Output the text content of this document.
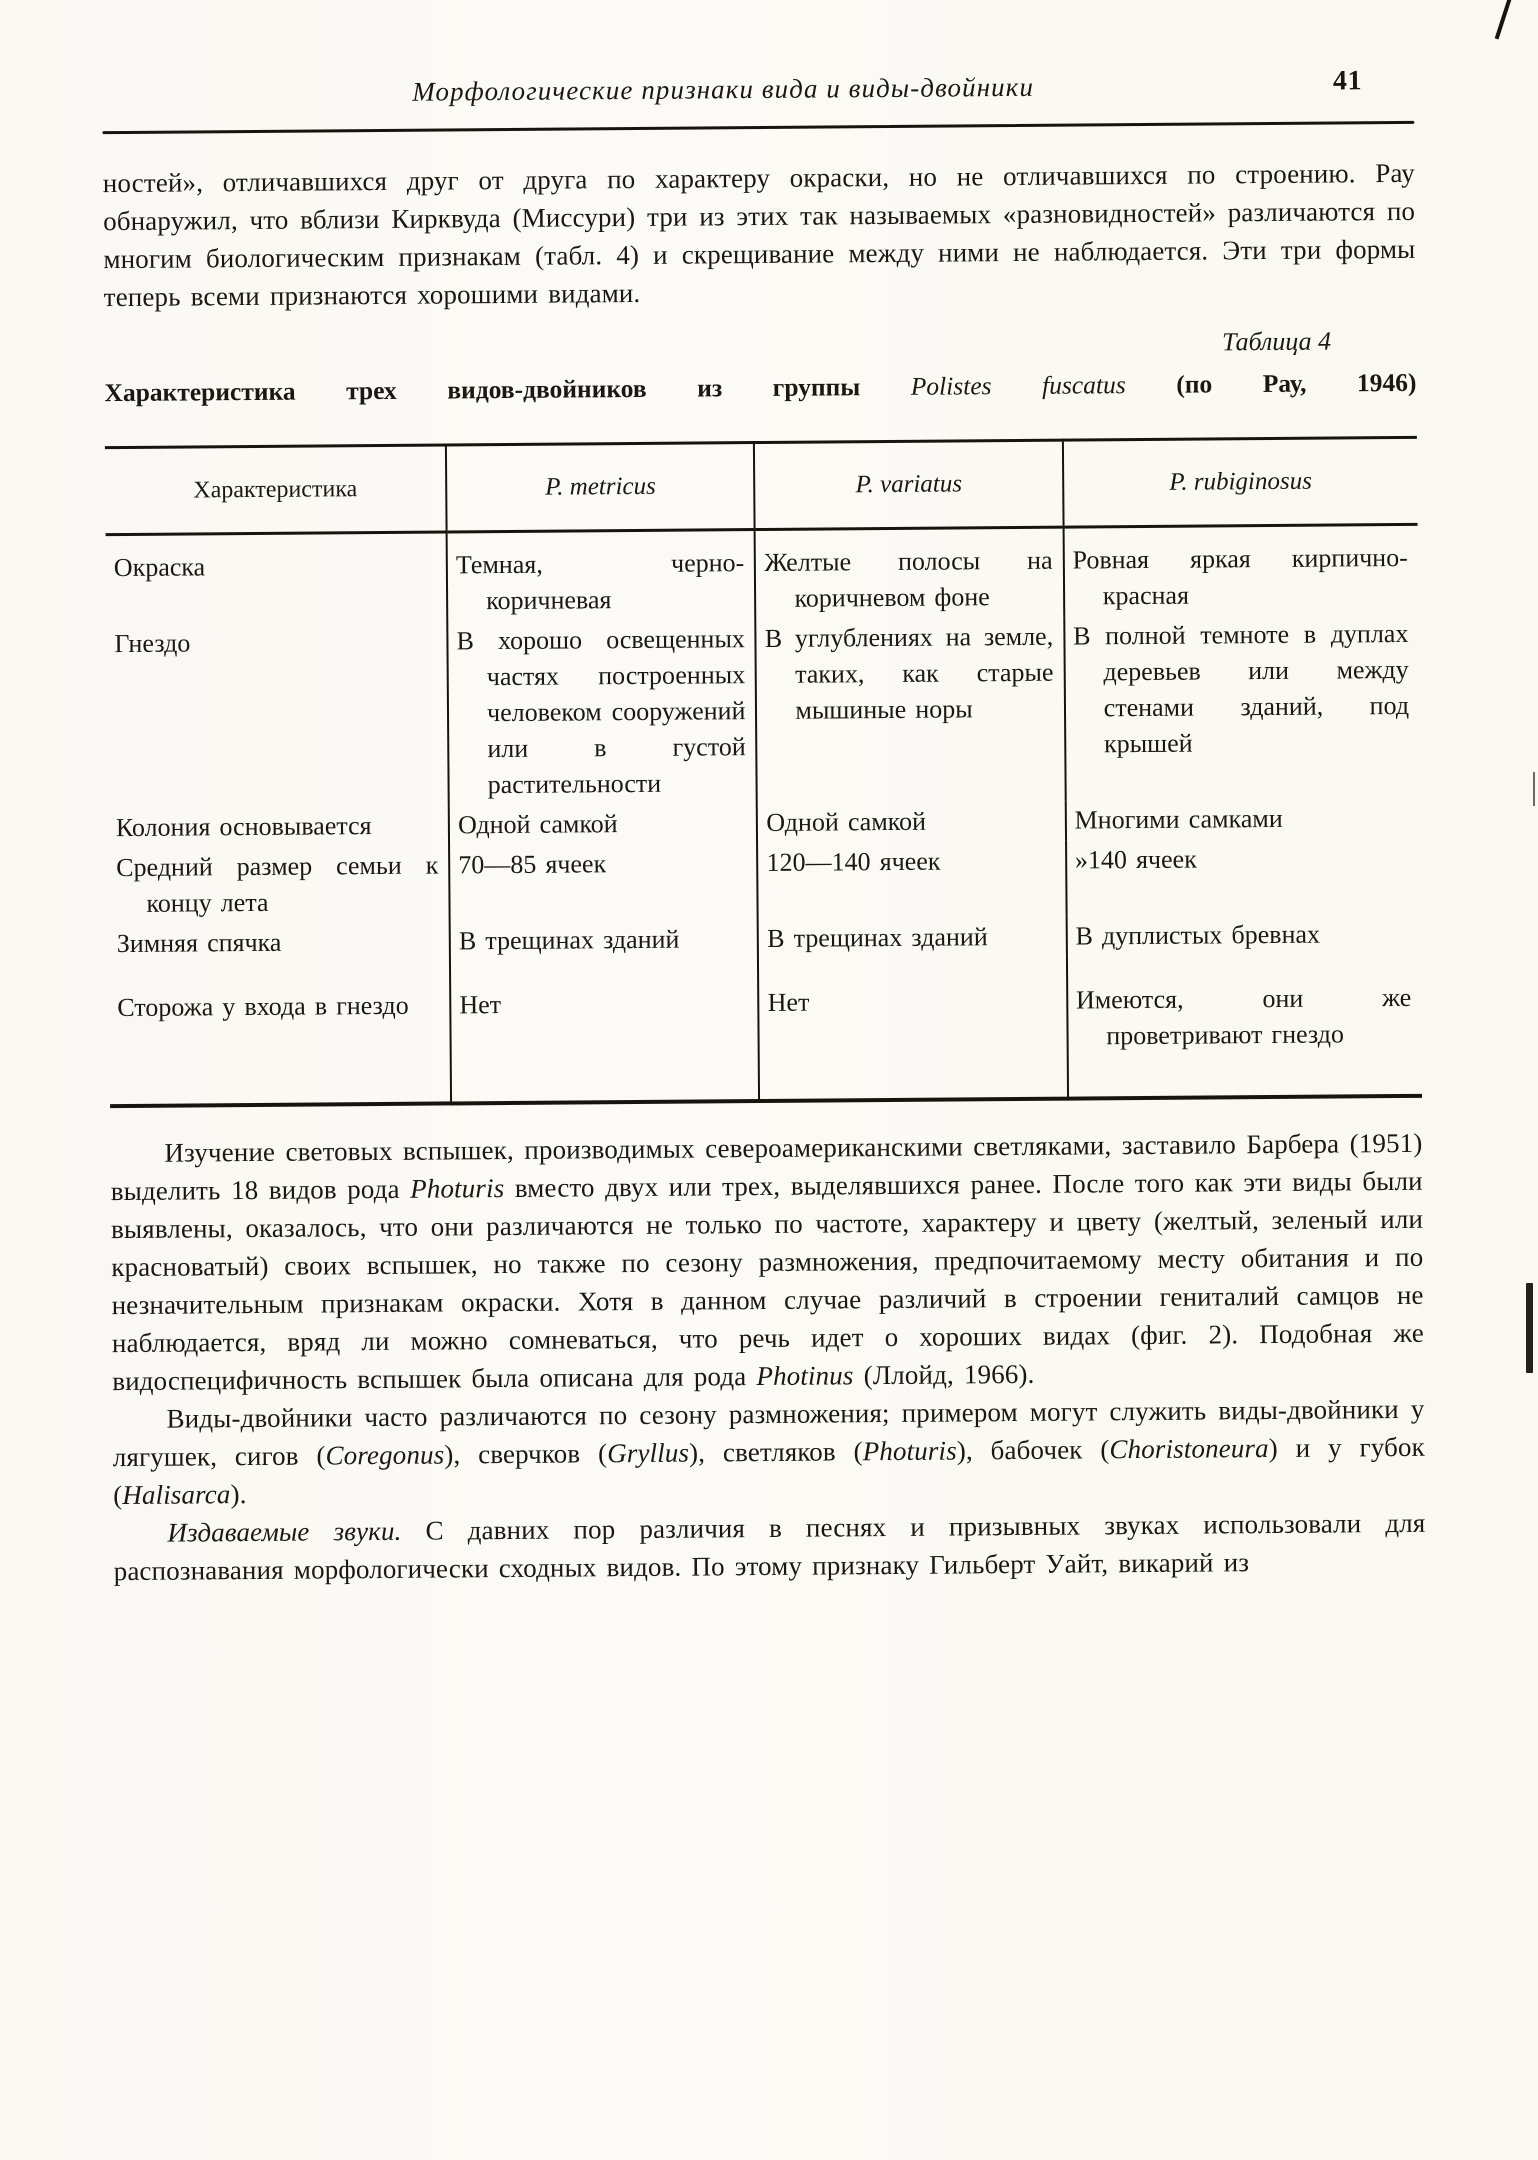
Морфологические признаки вида и виды-двойники	41

ностей», отличавшихся друг от друга по характеру окраски, но не отличавшихся по строению. Рау обнаружил, что вблизи Кирквуда (Миссури) три из этих так называемых «разновидностей» различаются по многим биологическим признакам (табл. 4) и скрещивание между ними не наблюдается. Эти три формы теперь всеми признаются хорошими видами.

Таблица 4
Характеристика трех видов-двойников из группы Polistes fuscatus (по Рау, 1946)
Характеристика	P. metricus	P. variatus	P. rubiginosus

Окраска	Темная, черно-коричневая	Желтые полосы на коричневом фоне	Ровная яркая кирпично-красная

Гнездо	В хорошо освещенных частях построенных человеком сооружений или в густой растительности	В углублениях на земле, таких, как старые мышиные норы	В полной темноте в дуплах деревьев или между стенами зданий, под крышей

Колония основывается	Одной самкой	Одной самкой	Многими самками

Средний размер семьи к концу лета	70—85 ячеек	120—140 ячеек	»140 ячеек

Зимняя спячка	В трещинах зданий	В трещинах зданий	В дуплистых бревнах

Сторожа у входа в гнездо	Нет	Нет	Имеются, они же проветривают гнездо

Изучение световых вспышек, производимых североамериканскими светляками, заставило Барбера (1951) выделить 18 видов рода Photuris вместо двух или трех, выделявшихся ранее. После того как эти виды были выявлены, оказалось, что они различаются не только по частоте, характеру и цвету (желтый, зеленый или красноватый) своих вспышек, но также по сезону размножения, предпочитаемому месту обитания и по незначительным признакам окраски. Хотя в данном случае различий в строении гениталий самцов не наблюдается, вряд ли можно сомневаться, что речь идет о хороших видах (фиг. 2). Подобная же видоспецифичность вспышек была описана для рода Photinus (Ллойд, 1966).

Виды-двойники часто различаются по сезону размножения; примером могут служить виды-двойники у лягушек, сигов (Coregonus), сверчков (Gryllus), светляков (Photuris), бабочек (Choristoneura) и у губок (Halisarca).

Издаваемые звуки. С давних пор различия в песнях и призывных звуках использовали для распознавания морфологически сходных видов. По этому признаку Гильберт Уайт, викарий из
